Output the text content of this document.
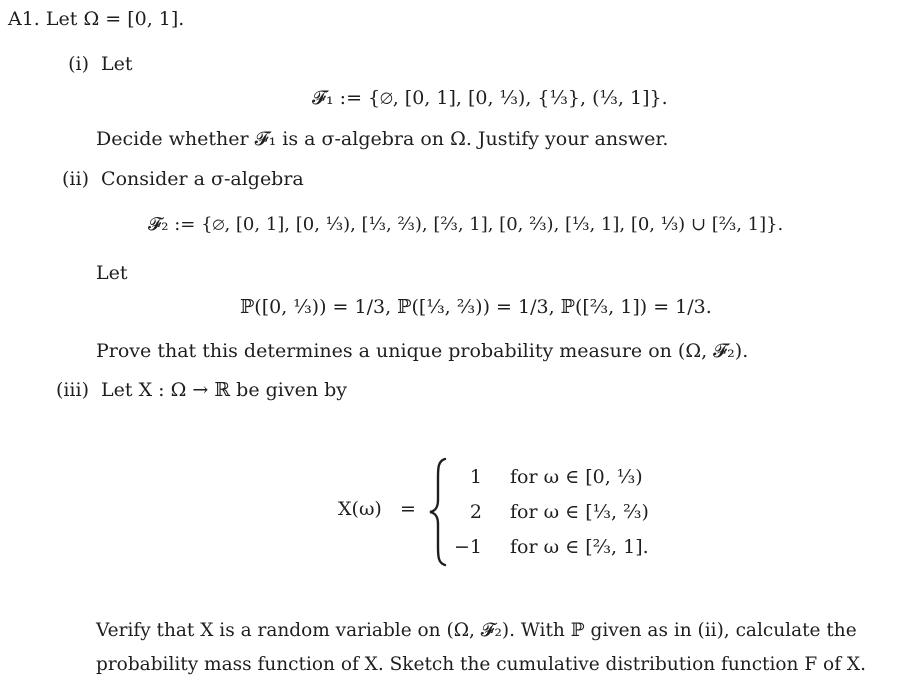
A1. Let Ω = [0, 1].
(i) Let
𝓕₁ := {∅, [0, 1], [0, ¹⁄₃), {¹⁄₃}, (¹⁄₃, 1]}.
Decide whether 𝓕₁ is a σ-algebra on Ω. Justify your answer.
(ii) Consider a σ-algebra
𝓕₂ := {∅, [0, 1], [0, ¹⁄₃), [¹⁄₃, ²⁄₃), [²⁄₃, 1], [0, ²⁄₃), [¹⁄₃, 1], [0, ¹⁄₃) ∪ [²⁄₃, 1]}.
Let
ℙ([0, ¹⁄₃)) = 1/3, ℙ([¹⁄₃, ²⁄₃)) = 1/3, ℙ([²⁄₃, 1]) = 1/3.
Prove that this determines a unique probability measure on (Ω, 𝓕₂).
(iii) Let X : Ω → ℝ be given by
X(ω) =
1 for ω ∈ [0, ¹⁄₃)
2 for ω ∈ [¹⁄₃, ²⁄₃)
−1 for ω ∈ [²⁄₃, 1].
Verify that X is a random variable on (Ω, 𝓕₂). With ℙ given as in (ii), calculate the
probability mass function of X. Sketch the cumulative distribution function F of X.
